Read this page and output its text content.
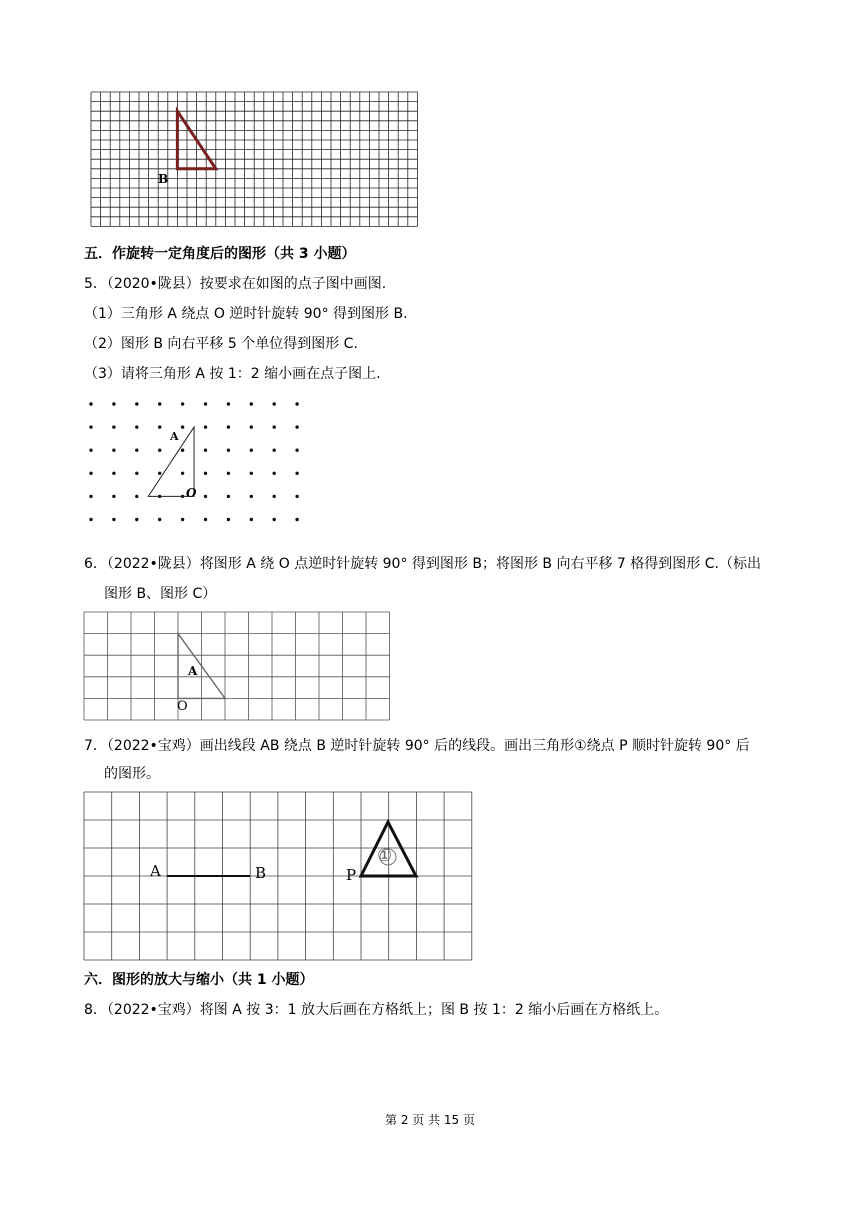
B
五．作旋转一定角度后的图形（共 3 小题）
5．（2020•陇县）按要求在如图的点子图中画图.
（1）三角形 A 绕点 O 逆时针旋转 90° 得到图形 B.
（2）图形 B 向右平移 5 个单位得到图形 C.
（3）请将三角形 A 按 1：2 缩小画在点子图上.
A
O
6．（2022•陇县）将图形 A 绕 O 点逆时针旋转 90° 得到图形 B；将图形 B 向右平移 7 格得到图形 C.（标出
图形 B、图形 C）
A
O
7．（2022•宝鸡）画出线段 AB 绕点 B 逆时针旋转 90° 后的线段。画出三角形①绕点 P 顺时针旋转 90° 后
的图形。
A	B	P
①
六．图形的放大与缩小（共 1 小题）
8．（2022•宝鸡）将图 A 按 3：1 放大后画在方格纸上；图 B 按 1：2 缩小后画在方格纸上。
第 2 页 共 15 页
